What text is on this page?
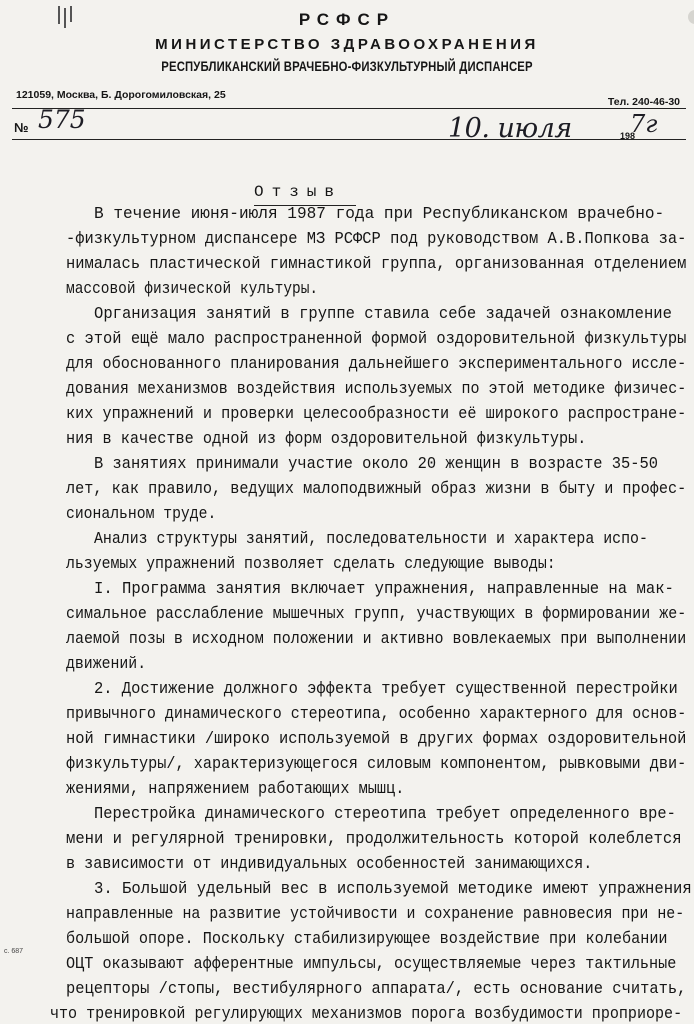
РСФСР
МИНИСТЕРСТВО ЗДРАВООХРАНЕНИЯ
РЕСПУБЛИКАНСКИЙ ВРАЧЕБНО-ФИЗКУЛЬТУРНЫЙ ДИСПАНСЕР
121059, Москва, Б. Дорогомиловская, 25
Тел. 240-46-30
№ 575	10. июля	198
7г
Отзыв
В течение июня-июля 1987 года при Республиканском врачебно-
-физкультурном диспансере МЗ РСФСР под руководством А.В.Попкова за-
нималась пластической гимнастикой группа, организованная отделением
массовой физической культуры.
Организация занятий в группе ставила себе задачей ознакомление
с этой ещё мало распространенной формой оздоровительной физкультуры
для обоснованного планирования дальнейшего экспериментального иссле-
дования механизмов воздействия используемых по этой методике физичес-
ких упражнений и проверки целесообразности её широкого распростране-
ния в качестве одной из форм оздоровительной физкультуры.
В занятиях принимали участие около 20 женщин в возрасте 35-50
лет, как правило, ведущих малоподвижный образ жизни в быту и профес-
сиональном труде.
Анализ структуры занятий, последовательности и характера испо-
льзуемых упражнений позволяет сделать следующие выводы:
I. Программа занятия включает упражнения, направленные на мак-
симальное расслабление мышечных групп, участвующих в формировании же-
лаемой позы в исходном положении и активно вовлекаемых при выполнении
движений.
2. Достижение должного эффекта требует существенной перестройки
привычного динамического стереотипа, особенно характерного для основ-
ной гимнастики /широко используемой в других формах оздоровительной
физкультуры/, характеризующегося силовым компонентом, рывковыми дви-
жениями, напряжением работающих мышц.
Перестройка динамического стереотипа требует определенного вре-
мени и регулярной тренировки, продолжительность которой колеблется
в зависимости от индивидуальных особенностей занимающихся.
3. Большой удельный вес в используемой методике имеют упражнения
направленные на развитие устойчивости и сохранение равновесия при не-
большой опоре. Поскольку стабилизирующее воздействие при колебании
ОЦТ оказывают афферентные импульсы, осуществляемые через тактильные
рецепторы /стопы, вестибулярного аппарата/, есть основание считать,
что тренировкой регулирующих механизмов порога возбудимости проприоре-
с. 687
